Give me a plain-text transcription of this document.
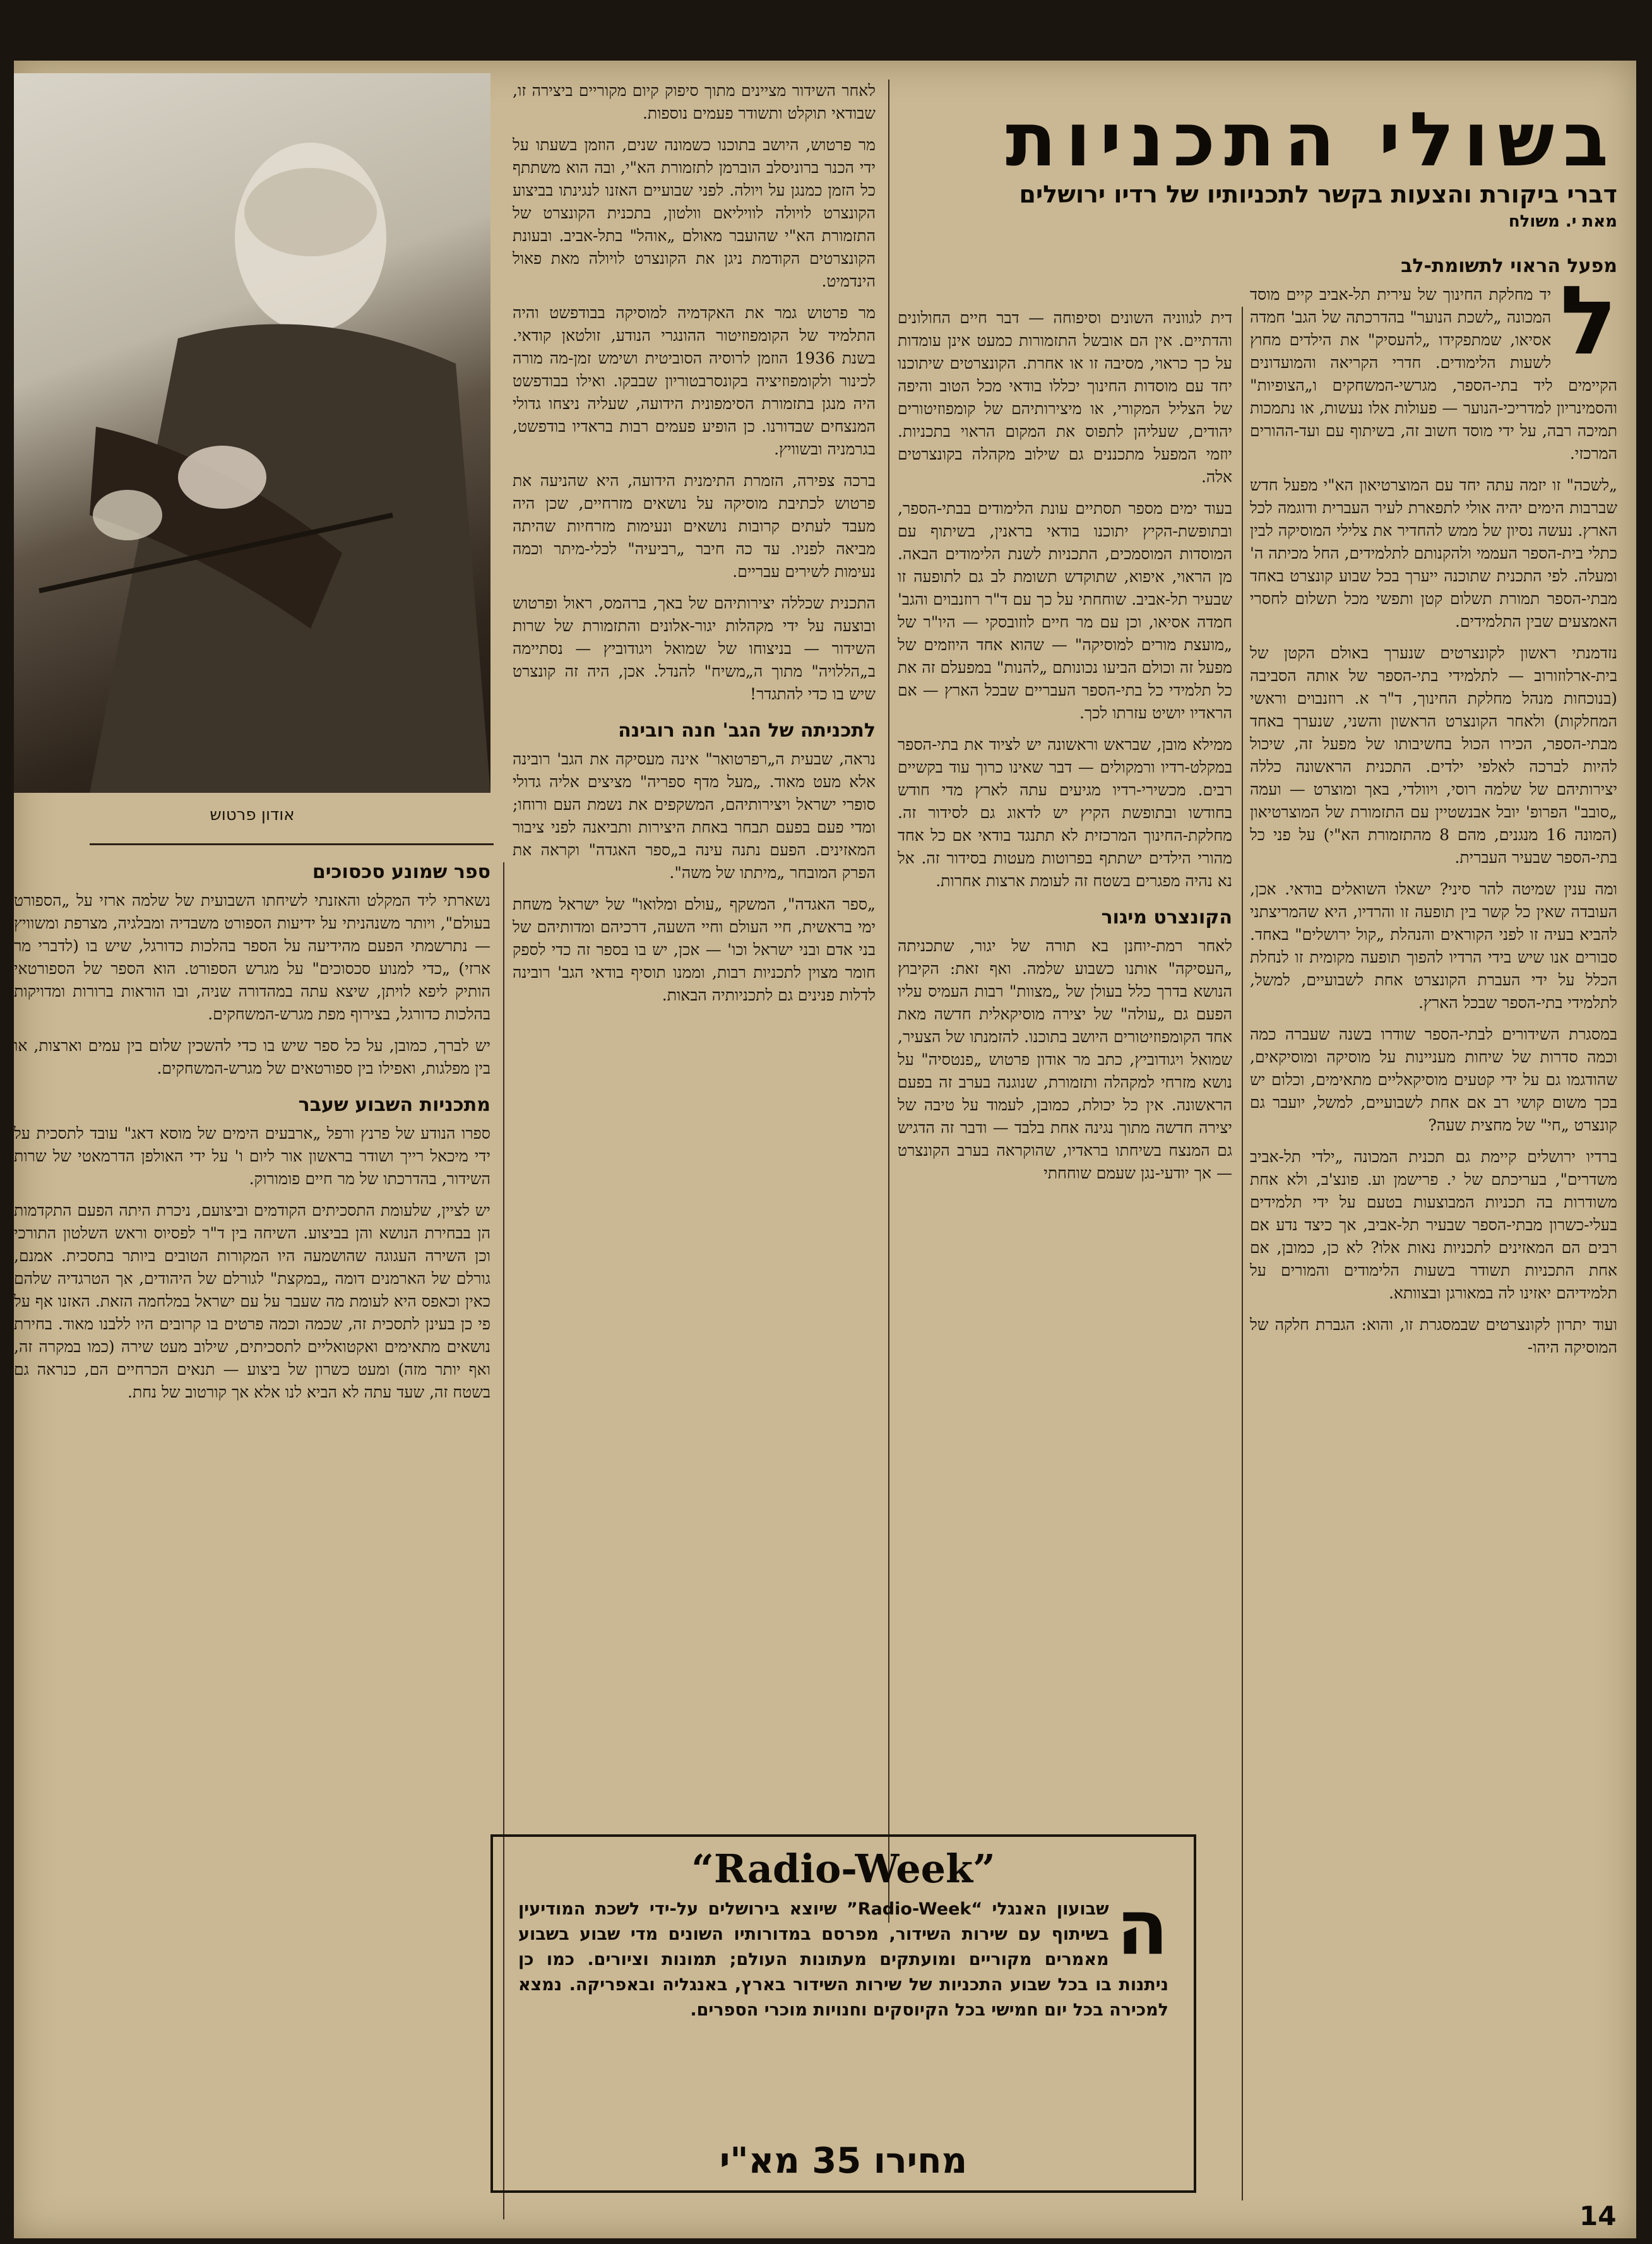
בשולי התכניות
דברי ביקורת והצעות בקשר לתכניותיו של רדיו ירושלים
מאת י. משולח
מפעל הראוי לתשומת-לב
ל

יד מחלקת החינוך של עירית תל-אביב קיים מוסד המכונה „לשכת הנוער" בהדרכתה של הגב' חמדה אסיאו, שמתפקידו „להעסיק" את הילדים מחוץ לשעות הלימודים. חדרי הקריאה והמועדונים הקיימים ליד בתי-הספר, מגרשי-המשחקים ו„הצופיות" והסמינריון למדריכי-הנוער — פעולות אלו נעשות, או נתמכות תמיכה רבה, על ידי מוסד חשוב זה, בשיתוף עם ועד-ההורים המרכזי.

„לשכה" זו יזמה עתה יחד עם המוצרטיאון הא"י מפעל חדש שברבות הימים יהיה אולי לתפארת לעיר העברית ודוגמה לכל הארץ. נעשה נסיון של ממש להחדיר את צלילי המוסיקה לבין כתלי בית-הספר העממי ולהקנותם לתלמידים, החל מכיתה ה' ומעלה. לפי התכנית שתוכנה ייערך בכל שבוע קונצרט באחד מבתי-הספר תמורת תשלום קטן ותפשי מכל תשלום לחסרי האמצעים שבין התלמידים.

נזדמנתי ראשון לקונצרטים שנערך באולם הקטן של בית-ארלוזורוב — לתלמידי בתי-הספר של אותה הסביבה (בנוכחות מנהל מחלקת החינוך, ד"ר א. רוזנבוים וראשי המחלקות) ולאחר הקונצרט הראשון והשני, שנערך באחד מבתי-הספר, הכירו הכול בחשיבותו של מפעל זה, שיכול להיות לברכה לאלפי ילדים. התכנית הראשונה כללה יצירותיהם של שלמה רוסי, ויוולדי, באך ומוצרט — ועמה „סובב" הפרופ' יובל אבנשטיין עם התזמורת של המוצרטיאון (המונה 16 מנגנים, מהם 8 מהתזמורת הא"י) על פני כל בתי-הספר שבעיר העברית.

ומה ענין שמיטה להר סיני? ישאלו השואלים בודאי. אכן, העובדה שאין כל קשר בין תופעה זו והרדיו, היא שהמריצתני להביא בעיה זו לפני הקוראים והנהלת „קול ירושלים" באחד. סבורים אנו שיש בידי הרדיו להפוך תופעה מקומית זו לנחלת הכלל על ידי העברת הקונצרט אחת לשבועיים, למשל, לתלמידי בתי-הספר שבכל הארץ.

במסגרת השידורים לבתי-הספר שודרו בשנה שעברה כמה וכמה סדרות של שיחות מעניינות על מוסיקה ומוסיקאים, שהודגמו גם על ידי קטעים מוסיקאליים מתאימים, וכלום יש בכך משום קושי רב אם אחת לשבועיים, למשל, יועבר גם קונצרט „חי" של מחצית שעה?

ברדיו ירושלים קיימת גם תכנית המכונה „ילדי תל-אביב משדרים", בעריכתם של י. פרישמן וע. פונצ'ב, ולא אחת משודרות בה תכניות המבוצעות בטעם על ידי תלמידים בעלי-כשרון מבתי-הספר שבעיר תל-אביב, אך כיצד נדע אם רבים הם המאזינים לתכניות נאות אלו? לא כן, כמובן, אם אחת התכניות תשודר בשעות הלימודים והמורים על תלמידיהם יאזינו לה במאורגן ובצוותא.

ועוד יתרון לקונצרטים שבמסגרת זו, והוא: הגברת חלקה של המוסיקה היהו-

דית לגווניה השונים וסיפוחה — דבר חיים החולונים והדתיים. אין הם אובשל התזמורות כמעט אינן עומדות על כך כראוי, מסיבה זו או אחרת. הקונצרטים שיתוכנו יחד עם מוסדות החינוך יכללו בודאי מכל הטוב והיפה של הצליל המקורי, או מיצירותיהם של קומפוזיטורים יהודים, שעליהן לתפוס את המקום הראוי בתכניות. יוזמי המפעל מתכננים גם שילוב מקהלה בקונצרטים אלה.

בעוד ימים מספר תסתיים עונת הלימודים בבתי-הספר, ובתופשת-הקיץ יתוכנו בודאי בראנין, בשיתוף עם המוסדות המוסמכים, התכניות לשנת הלימודים הבאה. מן הראוי, איפוא, שתוקדש תשומת לב גם לתופעה זו שבעיר תל-אביב. שוחחתי על כך עם ד"ר רוזנבוים והגב' חמדה אסיאו, וכן עם מר חיים לוזובסקי — היו"ר של „מועצת מורים למוסיקה" — שהוא אחד היוזמים של מפעל זה וכולם הביעו נכונותם „להנות" במפעלם זה את כל תלמידי כל בתי-הספר העבריים שבכל הארץ — אם הראדיו יושיט עזרתו לכך.

ממילא מובן, שבראש וראשונה יש לציוד את בתי-הספר במקלט-רדיו ורמקולים — דבר שאינו כרוך עוד בקשיים רבים. מכשירי-רדיו מגיעים עתה לארץ מדי חודש בחודשו ובתופשת הקיץ יש לדאוג גם לסידור זה. מחלקת-החינוך המרכזית לא תתנגד בודאי אם כל אחד מהורי הילדים ישתתף בפרוטות מעטות בסידור זה. אל נא נהיה מפגרים בשטח זה לעומת ארצות אחרות.

הקונצרט מיגור

לאחר רמת-יוחנן בא תורה של יגור, שתכניתה „העסיקה" אותנו כשבוע שלמה. ואף זאת: הקיבוץ הנושא בדרך כלל בעולן של „מצוות" רבות העמיס עליו הפעם גם „עולה" של יצירה מוסיקאלית חדשה מאת אחד הקומפוזיטורים היושב בתוכנו. להזמנתו של הצעיר, שמואל ויגודוביץ, כתב מר אודון פרטוש „פנטסיה" על נושא מזרחי למקהלה ותזמורת, שנוגנה בערב זה בפעם הראשונה. אין כל יכולת, כמובן, לעמוד על טיבה של יצירה חדשה מתוך נגינה אחת בלבד — ודבר זה הדגיש גם המנצח בשיחתו בראדיו, שהוקראה בערב הקונצרט — אך יודעי-נגן שעמם שוחחתי

לאחר השידור מציינים מתוך סיפוק קיום מקוריים ביצירה זו, שבודאי תוקלט ותשודר פעמים נוספות.

מר פרטוש, היושב בתוכנו כשמונה שנים, הוזמן בשעתו על ידי הכנר ברוניסלב הוברמן לתזמורת הא"י, ובה הוא משתתף כל הזמן כמנגן על ויולה. לפני שבועיים האזנו לנגינתו בביצוע הקונצרט לויולה לוויליאם וולטון, בתכנית הקונצרט של התזמורת הא"י שהועבר מאולם „אוהל" בתל-אביב. ובעונת הקונצרטים הקודמת ניגן את הקונצרט לויולה מאת פאול הינדמיט.

מר פרטוש גמר את האקדמיה למוסיקה בבודפשט והיה התלמיד של הקומפוזיטור ההונגרי הנודע, זולטאן קודאי. בשנת 1936 הוזמן לרוסיה הסוביטית ושימש זמן-מה מורה לכינור ולקומפוזיציה בקונסרבטוריון שבבקו. ואילו בבודפשט היה מנגן בתזמורת הסימפונית הידועה, שעליה ניצחו גדולי המנצחים שבדורנו. כן הופיע פעמים רבות בראדיו בודפשט, בגרמניה ובשוויץ.

ברכה צפירה, הזמרת התימנית הידועה, היא שהניעה את פרטוש לכתיבת מוסיקה על נושאים מזרחיים, שכן היה מעבד לעתים קרובות נושאים ונעימות מזרחיות שהיתה מביאה לפניו. עד כה חיבר „רביעיה" לכלי-מיתר וכמה נעימות לשירים עבריים.

התכנית שכללה יצירותיהם של באך, ברהמס, ראול ופרטוש ובוצעה על ידי מקהלות יגור-אלונים והתזמורת של שרות השידור — בניצוחו של שמואל ויגודוביץ — נסתיימה ב„הללויה" מתוך ה„משיח" להנדל. אכן, היה זה קונצרט שיש בו כדי להתגדר!

לתכניתה של הגב' חנה רובינה

נראה, שבעית ה„רפרטואר" אינה מעסיקה את הגב' רובינה אלא מעט מאוד. „מעל מדף ספריה" מציצים אליה גדולי סופרי ישראל ויצירותיהם, המשקפים את נשמת העם ורוחו; ומדי פעם בפעם תבחר באחת היצירות ותביאנה לפני ציבור המאזינים. הפעם נתנה עינה ב„ספר האגדה" וקראה את הפרק המובחר „מיתתו של משה".

„ספר האגדה", המשקף „עולם ומלואו" של ישראל משחת ימי בראשית, חיי העולם וחיי השעה, דרכיהם ומדותיהם של בני אדם ובני ישראל וכו' — אכן, יש בו בספר זה כדי לספק חומר מצוין לתכניות רבות, וממנו תוסיף בודאי הגב' רובינה לדלות פנינים גם לתכניותיה הבאות.

אודון פרטוש
ספר שמונע סכסוכים

נשארתי ליד המקלט והאזנתי לשיחתו השבועית של שלמה ארזי על „הספורט בעולם", ויותר משנהניתי על ידיעות הספורט משבדיה ומבלגיה, מצרפת ומשוויץ — נתרשמתי הפעם מהידיעה על הספר בהלכות כדורגל, שיש בו (לדברי מר ארזי) „כדי למנוע סכסוכים" על מגרש הספורט. הוא הספר של הספורטאי הותיק ליפא לויתן, שיצא עתה במהדורה שניה, ובו הוראות ברורות ומדויקות בהלכות כדורגל, בצירוף מפת מגרש-המשחקים.

יש לברך, כמובן, על כל ספר שיש בו כדי להשכין שלום בין עמים וארצות, או בין מפלגות, ואפילו בין ספורטאים של מגרש-המשחקים.

מתכניות השבוע שעבר

ספרו הנודע של פרנץ ורפל „ארבעים הימים של מוסא דאג" עובד לתסכית על ידי מיכאל רייך ושודר בראשון אור ליום ו' על ידי האולפן הדרמאטי של שרות השידור, בהדרכתו של מר חיים פומורוק.

יש לציין, שלעומת התסכיתים הקודמים וביצועם, ניכרת היתה הפעם התקדמות הן בבחירת הנושא והן בביצוע. השיחה בין ד"ר לפסיוס וראש השלטון התורכי וכן השירה העגוגה שהושמעה היו המקורות הטובים ביותר בתסכית. אמנם, גורלם של הארמנים דומה „במקצת" לגורלם של היהודים, אך הטרגדיה שלהם כאין וכאפס היא לעומת מה שעבר על עם ישראל במלחמה הזאת. האזנו אף על פי כן בעינן לתסכית זה, שכמה וכמה פרטים בו קרובים היו ללבנו מאוד. בחירת נושאים מתאימים ואקטואליים לתסכיתים, שילוב מעט שירה (כמו במקרה זה, ואף יותר מזה) ומעט כשרון של ביצוע — תנאים הכרחיים הם, כנראה גם בשטח זה, שעד עתה לא הביא לנו אלא אך קורטוב של נחת.

“Radio-Week”
ה
שבועון האנגלי “Radio-Week” שיוצא בירושלים על-ידי לשכת המודיעין בשיתוף עם שירות השידור, מפרסם במדורותיו השונים מדי שבוע בשבוע מאמרים מקוריים ומועתקים מעתונות העולם; תמונות וציורים. כמו כן ניתנות בו בכל שבוע התכניות של שירות השידור בארץ, באנגליה ובאפריקה. נמצא למכירה בכל יום חמישי בכל הקיוסקים וחנויות מוכרי הספרים.
מחירו 35 מא"י
14
